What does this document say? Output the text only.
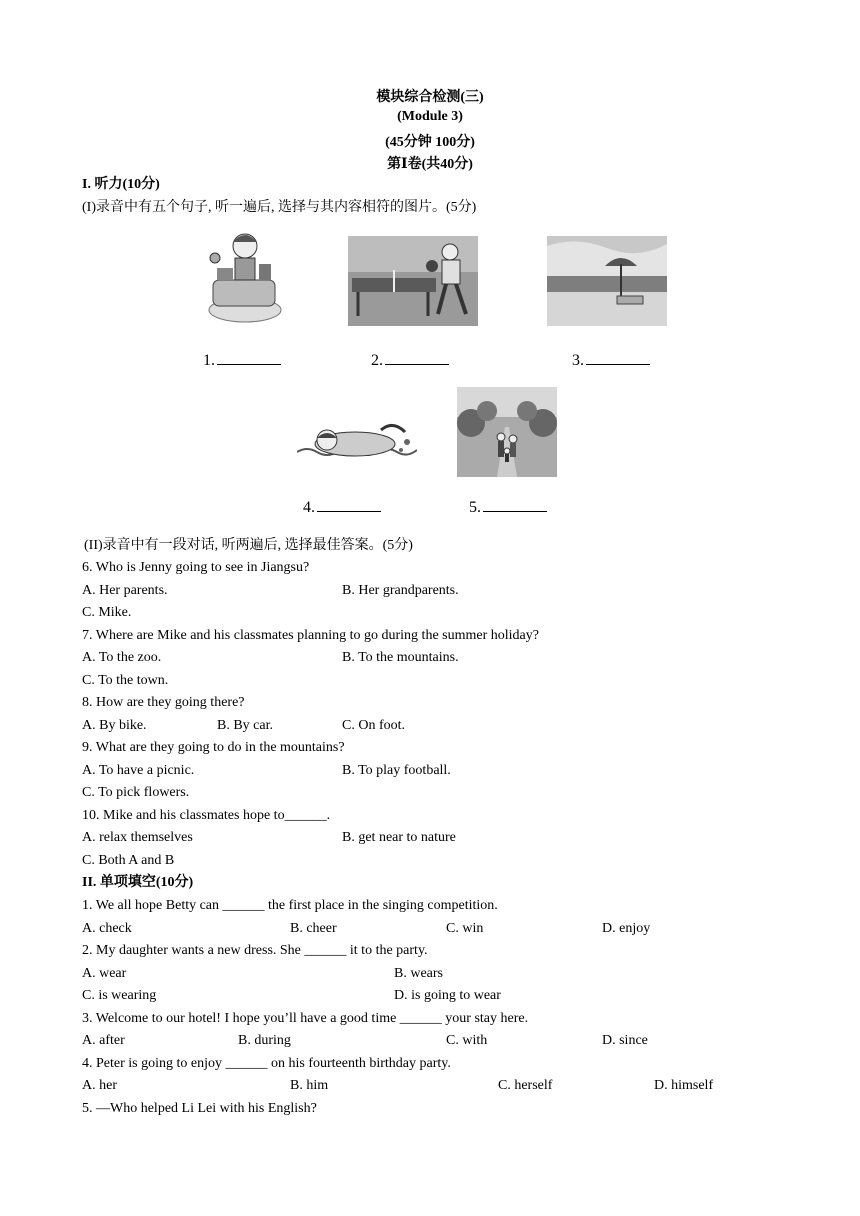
模块综合检测(三)
(Module 3)
(45分钟 100分)
第Ⅰ卷(共40分)
I. 听力(10分)
(I)录音中有五个句子, 听一遍后, 选择与其内容相符的图片。(5分)
1.	2.	3.
4.	5.
(II)录音中有一段对话, 听两遍后, 选择最佳答案。(5分)
6. Who is Jenny going to see in Jiangsu?
A. Her parents.	B. Her grandparents.
C. Mike.
7. Where are Mike and his classmates planning to go during the summer holiday?
A. To the zoo.	B. To the mountains.
C. To the town.
8. How are they going there?
A. By bike.	B. By car.	C. On foot.
9. What are they going to do in the mountains?
A. To have a picnic.	B. To play football.
C. To pick flowers.
10. Mike and his classmates hope to______.
A. relax themselves	B. get near to nature
C. Both A and B
II. 单项填空(10分)
1. We all hope Betty can ______ the first place in the singing competition.
A. check	B. cheer	C. win	D. enjoy
2. My daughter wants a new dress. She ______ it to the party.
A. wear	B. wears
C. is wearing	D. is going to wear
3. Welcome to our hotel! I hope you’ll have a good time ______ your stay here.
A. after	B. during	C. with	D. since
4. Peter is going to enjoy ______ on his fourteenth birthday party.
A. her	B. him	C. herself	D. himself
5. —Who helped Li Lei with his English?
